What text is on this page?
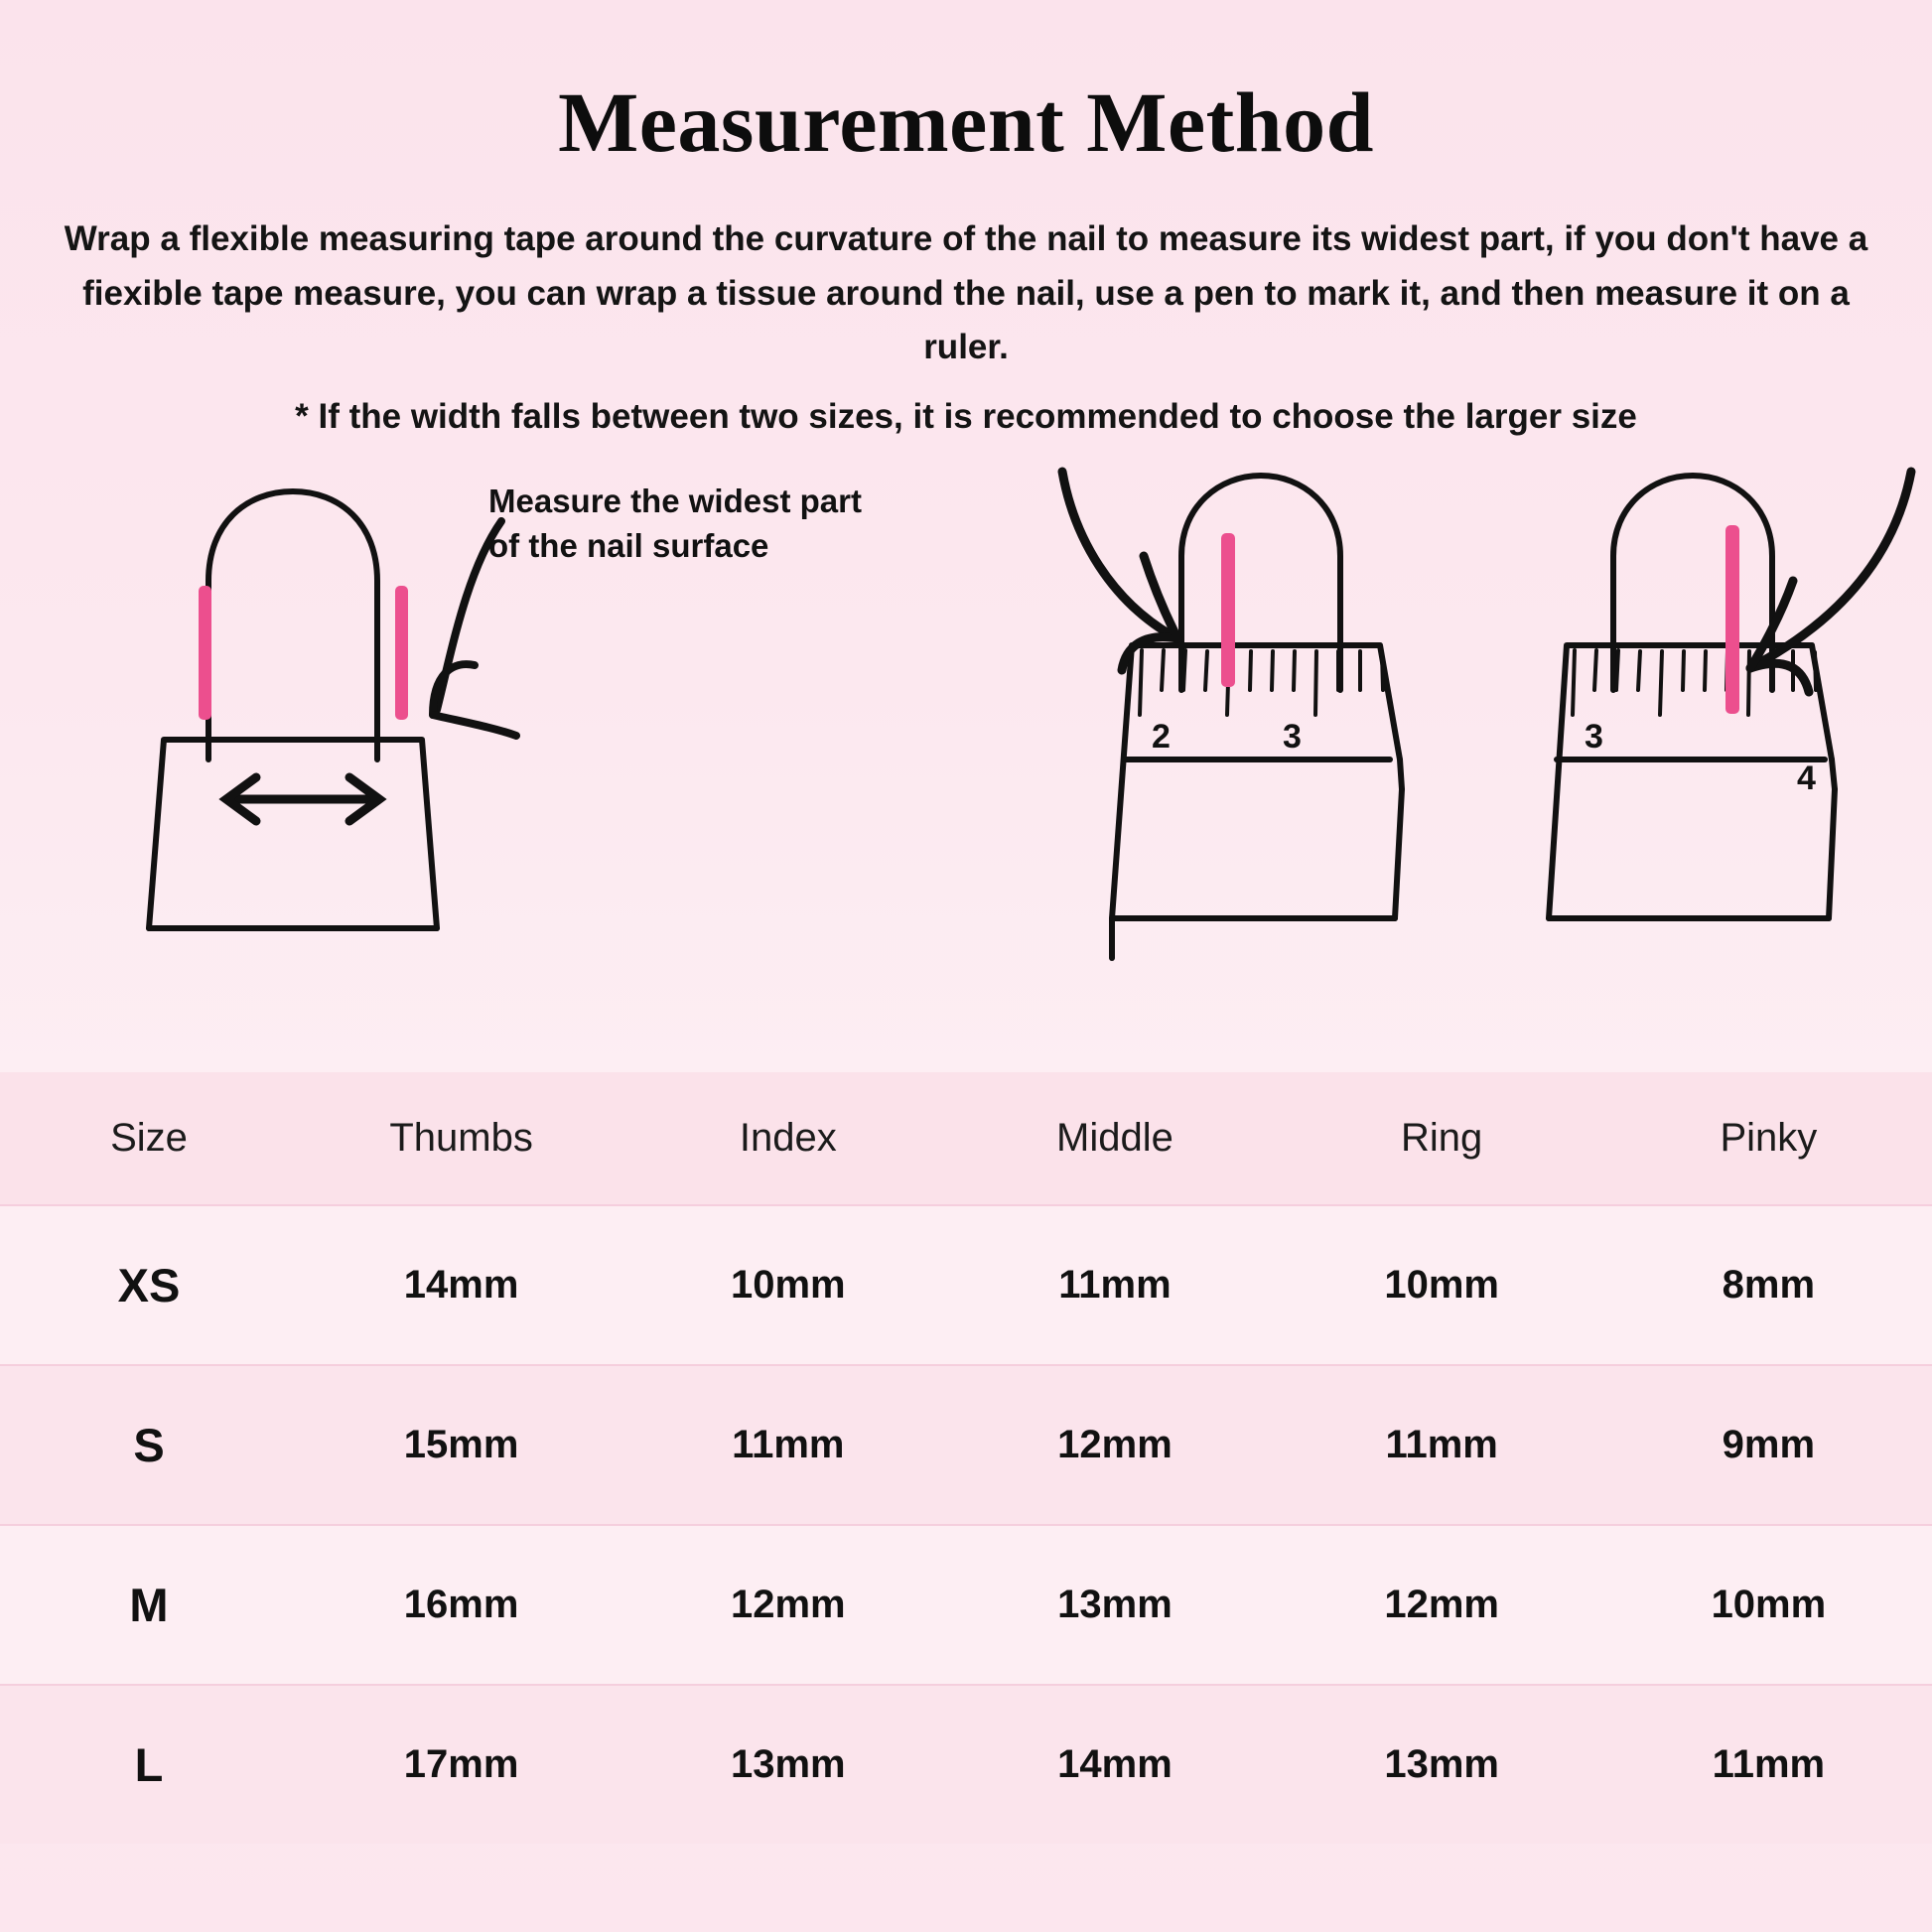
Measurement Method
Wrap a flexible measuring tape around the curvature of the nail to measure its widest part, if you don't have a fiexible tape measure, you can wrap a tissue around the nail, use a pen to mark it, and then measure it on a ruler.
* If the width falls between two sizes, it is recommended to choose the larger size
Measure the widest part
of the nail surface
2	3	3
4
Size	Thumbs	Index	Middle	Ring	Pinky
XS	14mm	10mm	11mm	10mm	8mm
S	15mm	11mm	12mm	11mm	9mm
M	16mm	12mm	13mm	12mm	10mm
L	17mm	13mm	14mm	13mm	11mm
